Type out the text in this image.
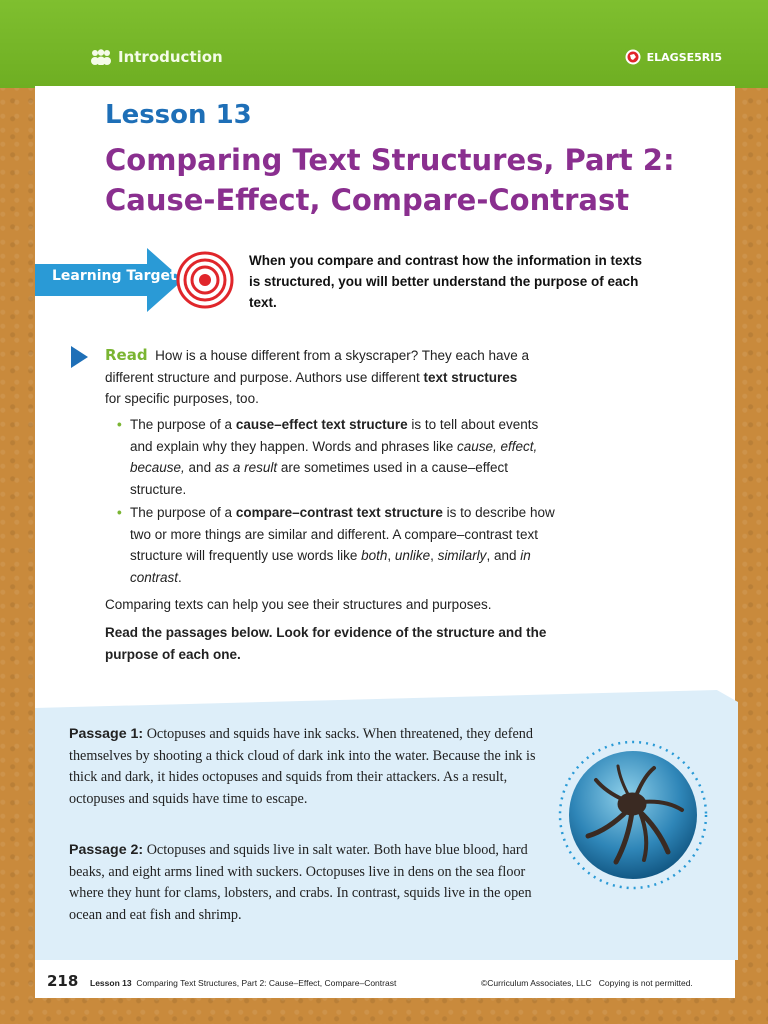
Introduction	ELAGSE5RI5
Lesson 13
Comparing Text Structures, Part 2:
Cause-Effect, Compare-Contrast
Learning Target
When you compare and contrast how the information in texts is structured, you will better understand the purpose of each text.
Read How is a house different from a skyscraper? They each have a different structure and purpose. Authors use different text structures for specific purposes, too.
• The purpose of a cause–effect text structure is to tell about events and explain why they happen. Words and phrases like cause, effect, because, and as a result are sometimes used in a cause–effect structure.
• The purpose of a compare–contrast text structure is to describe how two or more things are similar and different. A compare–contrast text structure will frequently use words like both, unlike, similarly, and in contrast.
Comparing texts can help you see their structures and purposes.
Read the passages below. Look for evidence of the structure and the purpose of each one.
Passage 1: Octopuses and squids have ink sacks. When threatened, they defend themselves by shooting a thick cloud of dark ink into the water. Because the ink is thick and dark, it hides octopuses and squids from their attackers. As a result, octopuses and squids have time to escape.
Passage 2: Octopuses and squids live in salt water. Both have blue blood, hard beaks, and eight arms lined with suckers. Octopuses live in dens on the sea floor where they hunt for clams, lobsters, and crabs. In contrast, squids live in the open ocean and eat fish and shrimp.
218 Lesson 13 Comparing Text Structures, Part 2: Cause–Effect, Compare–Contrast	©Curriculum Associates, LLC Copying is not permitted.
